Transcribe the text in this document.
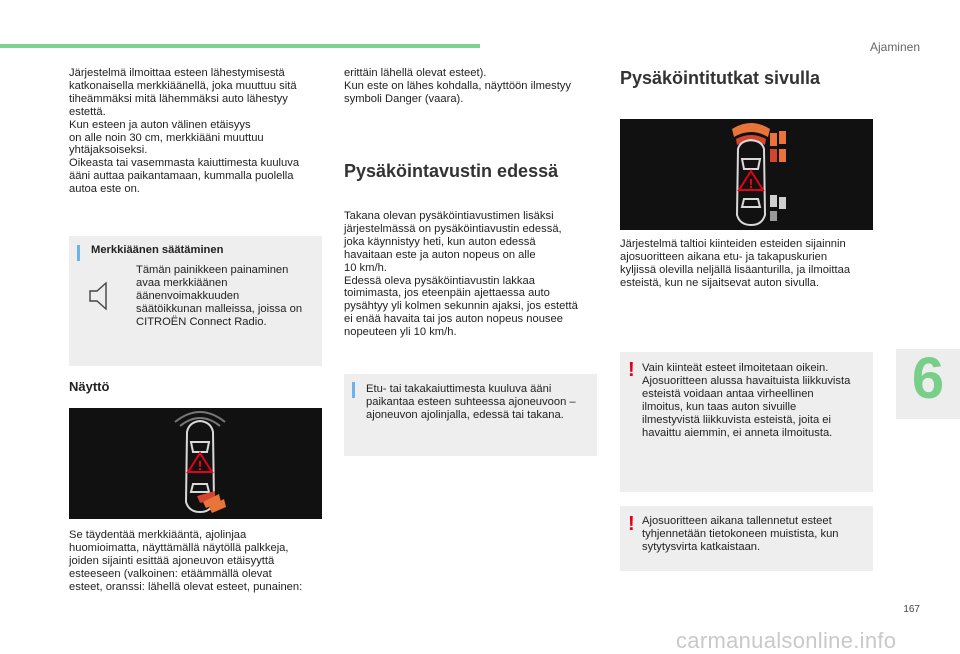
Ajaminen
Järjestelmä ilmoittaa esteen lähestymisestä
katkonaisella merkkiäänellä, joka muuttuu sitä
tiheämmäksi mitä lähemmäksi auto lähestyy
estettä.
Kun esteen ja auton välinen etäisyys
on alle noin 30 cm, merkkiääni muuttuu
yhtäjaksoiseksi.
Oikeasta tai vasemmasta kaiuttimesta kuuluva
ääni auttaa paikantamaan, kummalla puolella
autoa este on.
Merkkiäänen säätäminen
Tämän painikkeen painaminen
avaa merkkiäänen
äänenvoimakkuuden
säätöikkunan malleissa, joissa on
CITROËN Connect Radio.
Näyttö
!
Se täydentää merkkiääntä, ajolinjaa
huomioimatta, näyttämällä näytöllä palkkeja,
joiden sijainti esittää ajoneuvon etäisyyttä
esteeseen (valkoinen: etäämmällä olevat
esteet, oranssi: lähellä olevat esteet, punainen:
erittäin lähellä olevat esteet).
Kun este on lähes kohdalla, näyttöön ilmestyy
symboli Danger (vaara).
Pysäköintavustin edessä
Takana olevan pysäköintiavustimen lisäksi
järjestelmässä on pysäköintiavustin edessä,
joka käynnistyy heti, kun auton edessä
havaitaan este ja auton nopeus on alle
10 km/h.
Edessä oleva pysäköintiavustin lakkaa
toimimasta, jos eteenpäin ajettaessa auto
pysähtyy yli kolmen sekunnin ajaksi, jos estettä
ei enää havaita tai jos auton nopeus nousee
nopeuteen yli 10 km/h.
Etu- tai takakaiuttimesta kuuluva ääni
paikantaa esteen suhteessa ajoneuvoon –
ajoneuvon ajolinjalla, edessä tai takana.
Pysäköintitutkat sivulla
!
Järjestelmä taltioi kiinteiden esteiden sijainnin
ajosuoritteen aikana etu- ja takapuskurien
kyljissä olevilla neljällä lisäanturilla, ja ilmoittaa
esteistä, kun ne sijaitsevat auton sivulla.
! Vain kiinteät esteet ilmoitetaan oikein.
Ajosuoritteen alussa havaituista liikkuvista
esteistä voidaan antaa virheellinen
ilmoitus, kun taas auton sivuille
ilmestyvistä liikkuvista esteistä, joita ei
havaittu aiemmin, ei anneta ilmoitusta.
! Ajosuoritteen aikana tallennetut esteet
tyhjennetään tietokoneen muistista, kun
sytytysvirta katkaistaan.
6
167
carmanualsonline.info
